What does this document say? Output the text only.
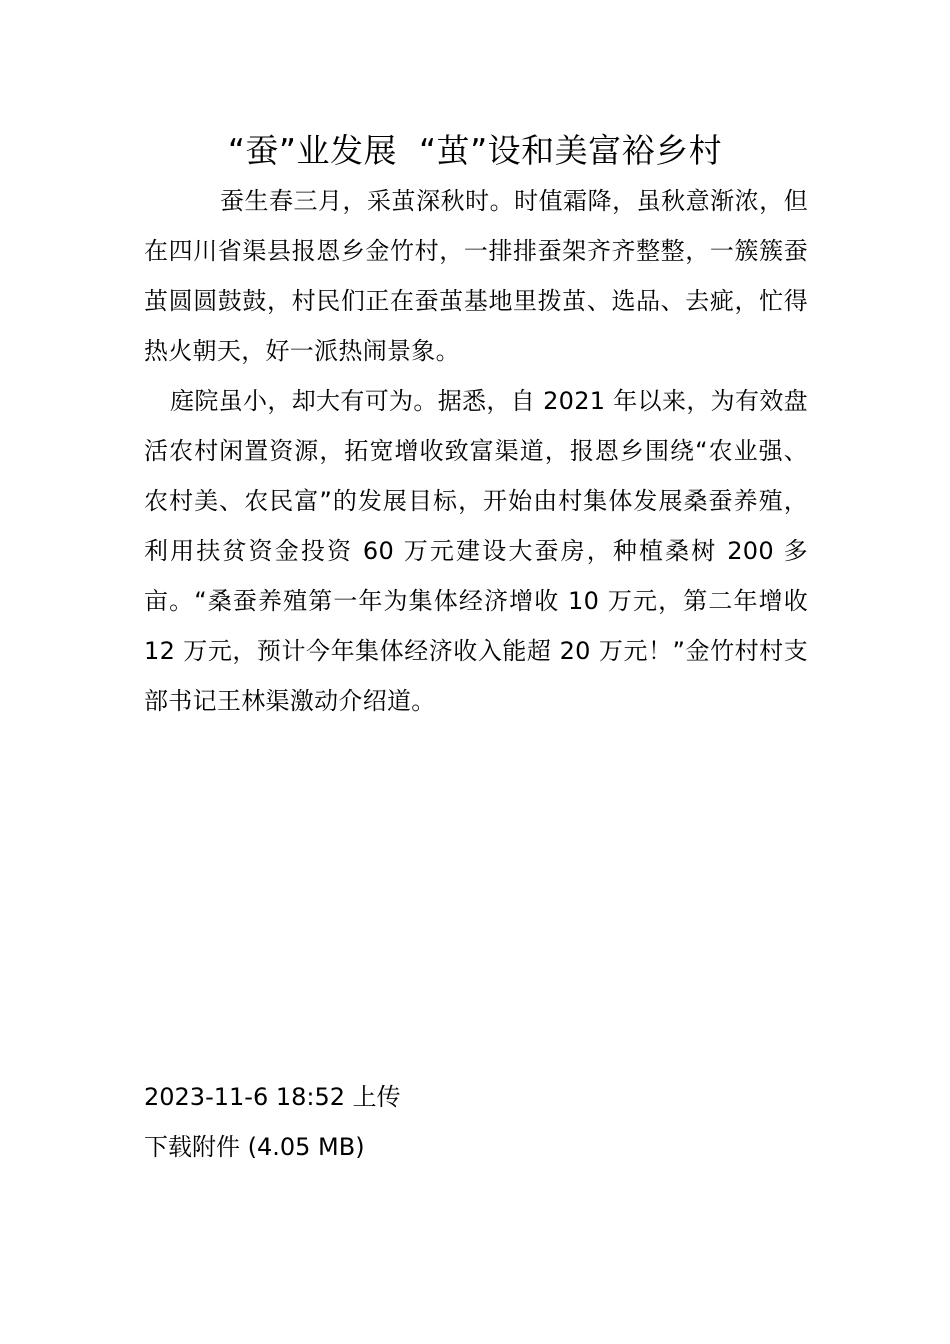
“蚕”业发展  “茧”设和美富裕乡村

蚕生春三月，采茧深秋时。时值霜降，虽秋意渐浓，但在四川省渠县报恩乡金竹村，一排排蚕架齐齐整整，一簇簇蚕茧圆圆鼓鼓，村民们正在蚕茧基地里拨茧、选品、去疵，忙得热火朝天，好一派热闹景象。

庭院虽小，却大有可为。据悉，自 2021 年以来，为有效盘活农村闲置资源，拓宽增收致富渠道，报恩乡围绕“农业强、农村美、农民富”的发展目标，开始由村集体发展桑蚕养殖，利用扶贫资金投资 60 万元建设大蚕房，种植桑树 200 多亩。“桑蚕养殖第一年为集体经济增收 10 万元，第二年增收 12 万元，预计今年集体经济收入能超 20 万元！”金竹村村支部书记王林渠激动介绍道。

2023-11-6 18:52 上传
下载附件 (4.05 MB)
